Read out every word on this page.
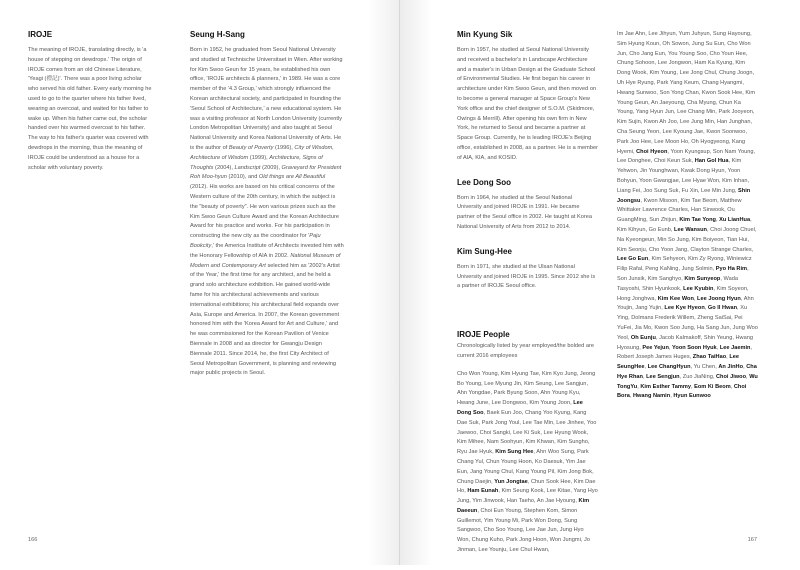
IROJE

The meaning of IROJE, translating directly, is 'a house of stepping on dewdrops.' The origin of IROJE comes from an old Chinese Literature, 'Yeagi (禮記)'. There was a poor living scholar who served his old father. Every early morning he used to go to the quarter where his father lived, wearing an overcoat, and waited for his father to wake up. When his father came out, the scholar handed over his warmed overcoat to his father. The way to his father's quarter was covered with dewdrops in the morning, thus the meaning of IROJE could be understood as a house for a scholar with voluntary poverty.

Seung H-Sang

Born in 1952, he graduated from Seoul National University and studied at Technische Universitaet in Wien. After working for Kim Swoo Geun for 15 years, he established his own office, 'IROJE architects & planners,' in 1989. He was a core member of the '4.3 Group,' which strongly influenced the Korean architectural society, and participated in founding the 'Seoul School of Architecture,' a new educational system. He was a visiting professor at North London University (currently London Metropolitan University) and also taught at Seoul National University and Korea National University of Arts. He is the author of Beauty of Poverty (1996), City of Wisdom, Architecture of Wisdom (1999), Architecture, Signs of Thoughts (2004), Landscript (2009), Graveyard for President Roh Moo-hyun (2010), and Old things are All Beautiful (2012). His works are based on his critical concerns of the Western culture of the 20th century, in which the subject is the "beauty of poverty". He won various prizes such as the Kim Swoo Geun Culture Award and the Korean Architecture Award for his practice and works. For his participation in constructing the new city as the coordinator for 'Paju Bookcity,' the America Institute of Architects invested him with the Honorary Fellowship of AIA in 2002. National Museum of Modern and Contemporary Art selected him as '2002's Artist of the Year,' the first time for any architect, and he held a grand solo architecture exhibition. He gained world-wide fame for his architectural achievements and various international exhibitions; his architectural field expands over Asia, Europe and America. In 2007, the Korean government honored him with the 'Korea Award for Art and Culture,' and he was commissioned for the Korean Pavilion of Venice Biennale in 2008 and as director for Gwangju Design Biennale 2011. Since 2014, he, the first City Architect of Seoul Metropolitan Government, is planning and reviewing major public projects in Seoul.

166
Min Kyung Sik

Born in 1957, he studied at Seoul National University and received a bachelor's in Landscape Architecture and a master's in Urban Design at the Graduate School of Environmental Studies. He first began his career in architecture under Kim Swoo Geun, and then moved on to become a general manager at Space Group's New York office and the chief designer of S.O.M. (Skidmore, Owings & Merrill). After opening his own firm in New York, he returned to Seoul and became a partner at Space Group. Currently, he is leading IROJE's Beijing office, established in 2008, as a partner. He is a member of AIA, KIA, and KOSID.

Lee Dong Soo

Born in 1964, he studied at the Seoul National University and joined IROJE in 1991. He became partner of the Seoul office in 2002. He taught at Korea National University of Arts from 2012 to 2014.

Kim Sung-Hee

Born in 1971, she studied at the Ulsan National University and joined IROJE in 1995. Since 2012 she is a partner of IROJE Seoul office.

IROJE People

Chronologically listed by year employed/the bolded are current 2016 employees

Cho Won Young, Kim Hyung Tae, Kim Kyo Jung, Jeong Bo Young, Lee Myung Jin, Kim Seung, Lee Sangjun, Ahn Yongdae, Park Byung Soon, Ahn Young Kyu, Hwang June, Lee Dongwoo, Kim Young Joon, Lee Dong Soo, Baek Eun Joo, Chang Yoo Kyung, Kang Dae Suk, Park Jong Youl, Lee Tae Min, Lee Jinhee, Yoo Jaewoo, Choi Sangki, Lee Ki Suk, Lee Hyung Wook, Kim Mihee, Nam Soohyun, Kim Khwan, Kim Sungho, Ryu Jae Hyuk, Kim Sung Hee, Ahn Woo Sung, Park Chang Yul, Chun Young Hoon, Ko Daesuk, Yim Jae Eun, Jang Young Chul, Kang Young Pil, Kim Jong Bok, Chung Daejin, Yun Jongtae, Chun Sook Hee, Kim Dae Ho, Ham Eunah, Kim Seung Kook, Lee Kitae, Yang Hyo Jung, Yim Jinwook, Han Taeho, An Jae Hyoung, Kim Daeeun, Choi Eun Young, Stephen Kom, Simon Guillemot, Yim Young Mi, Park Won Dong, Sung Sangwoo, Cho Soo Young, Lee Jae Jun, Jung Hyo Won, Chung Kuho, Park Jong Hoon, Won Jungmi, Jo Jinman, Lee Younju, Lee Chul Hwan,

Im Jae Ahn, Lee Jihyun, Yum Juhyun, Sung Hayoung, Sim Hyung Koun, Oh Sowon, Jung Su Eun, Cho Won Jun, Cho Jang Eun, You Young Soo, Cho Youn Hee, Chung Sohoon, Lee Jongwon, Ham Ka Kyung, Kim Dong Wook, Kim Young, Lee Jong Chul, Chung Joogn, Uh Hye Ryung, Park Yang Keum, Chang Hyangmi, Hwang Sunwoo, Son Yong Chan, Kwon Sook Hee, Kim Young Geun, An Jaeyoung, Cha Myung, Chun Ka Young, Yang Hyun Jun, Lee Chang Min, Park Jooyeon, Kim Sujin, Kwon Ah Joo, Lee Jung Min, Han Junghan, Cha Seung Yeon, Lee Kyoung Jae, Kwon Soonwoo, Park Joo Hee, Lee Moon Ho, Oh Hyogyeong, Kang Hyemi, Choi Hyeon, Yoon Kyungsup, Son Nam Young, Lee Donghee, Choi Keun Suk, Han Gol Hua, Kim Yehwon, Jin Younghwan, Kwak Dong Hyun, Yoon Bohyun, Yoon Gwangjae, Lee Hyae Won, Kim Inhan, Liang Fei, Joo Sung Suk, Fu Xin, Lee Min Jung, Shin Joongsu, Kwon Misoon, Kim Tae Beom, Matthew Whittaker Lawrence Charles, Han Sinwook, Ou GuangMing, Sun Zhijun, Kim Tae Yong, Xu LianHua, Kim Kihyun, Go Eunb, Lee Wansun, Choi Joong Chuel, Na Kyeongeun, Min So Jung, Kim Boiyeon, Tian Hui, Kim Seonju, Cho Yoon Jang, Clayton Strange Charles, Lee Go Eun, Kim Sehyeon, Kim Zy Ryong, Winiewicz Filip Rafal, Peng KaNing, Jung Solmin, Pyo Ha Rim, Son Junsik, Kim Sanghyo, Kim Sunyeop, Wada Tasyoshi, Shin Hyunkook, Lee Kyubin, Kim Soyeon, Hong Jonghwa, Kim Kee Won, Lee Joong Hyun, Ahn Youjin, Jang Yujin, Lee Kye Hyeon, Go Il Hwan, Xu Ying, Dolmans Frederik Willem, Zheng SaiSai, Pei YuFei, Jia Mo, Kwon Soo Jung, Ha Sang Jun, Jung Woo Yeol, Oh Eunju, Jacob Kalmakoff, Shin Yeung, Hwang Hyosung, Pee Yejun, Yoon Soon Hyuk, Lee Jaemin, Robert Joseph James Huges, Zhao TaiHao, Lee SeungHee, Lee ChangHyun, Yu Chen, An JinHo, Cha Hye Rhan, Lee Sengjun, Zuo JiaNing, Choi Jiwoo, Wu TongYu, Kim Esther Tammy, Eom Ki Beom, Choi Bora, Hwang Namin, Hyun Eunwoo

167
